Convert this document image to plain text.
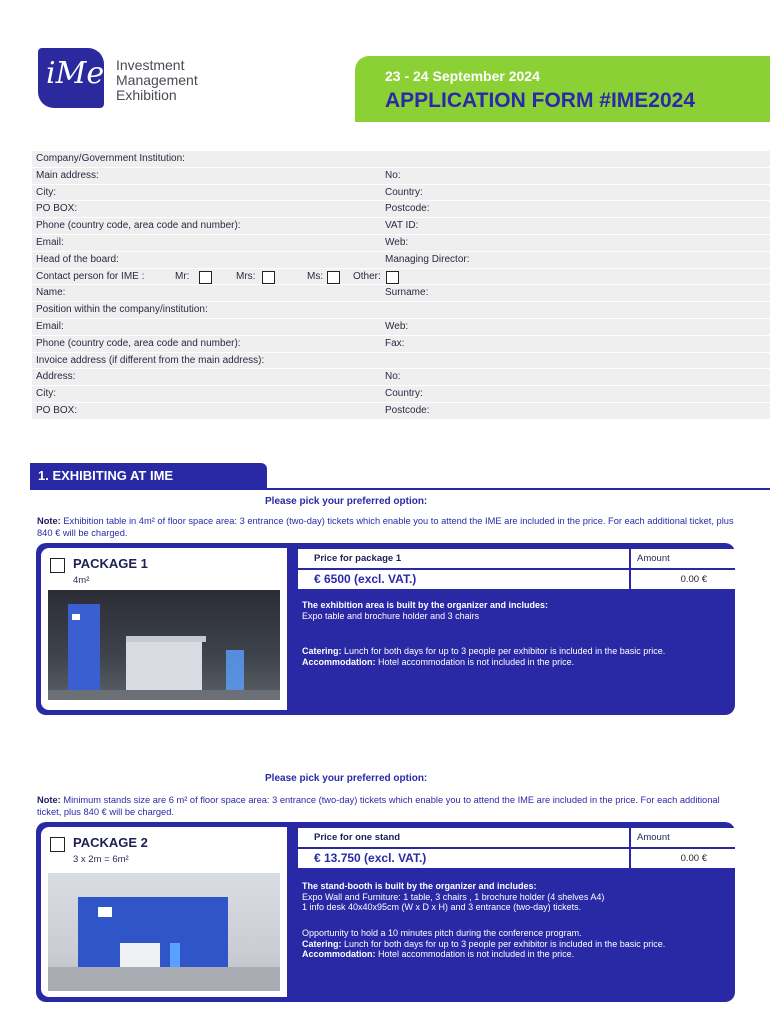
iMe Investment
Management
Exhibition
23 - 24 September 2024
APPLICATION FORM #IME2024
Company/Government Institution:
Main address:	No:
City:	Country:
PO BOX:	Postcode:
Phone (country code, area code and number):	VAT ID:
Email:	Web:
Head of the board:	Managing Director:
Contact person for IME :	Mr:	Mrs:	Ms:	Other:
Name:	Surname:
Position within the company/institution:
Email:	Web:
Phone (country code, area code and number):	Fax:
Invoice address (if different from the main address):
Address:	No:
City:	Country:
PO BOX:	Postcode:
1. EXHIBITING AT IME
Please pick your preferred option:
Note: Exhibition table in 4m² of floor space area: 3 entrance (two-day) tickets which enable you to attend the IME are included in the price. For each additional ticket, plus 840 € will be charged.
PACKAGE 1
4m²
Price for package 1	Amount
€ 6500 (excl. VAT.)	0.00 €
The exhibition area is built by the organizer and includes:
Expo table and brochure holder and 3 chairs
Catering: Lunch for both days for up to 3 people per exhibitor is included in the basic price.
Accommodation: Hotel accommodation is not included in the price.
Please pick your preferred option:
Note: Minimum stands size are 6 m² of floor space area: 3 entrance (two-day) tickets which enable you to attend the IME are included in the price. For each additional ticket, plus 840 € will be charged.
PACKAGE 2
3 x 2m = 6m²
Price for one stand	Amount
€ 13.750 (excl. VAT.)	0.00 €
The stand-booth is built by the organizer and includes:
Expo Wall and Furniture: 1 table, 3 chairs , 1 brochure holder (4 shelves A4)
1 info desk 40x40x95cm (W x D x H) and 3 entrance (two-day) tickets.
Opportunity to hold a 10 minutes pitch during the conference program.
Catering: Lunch for both days for up to 3 people per exhibitor is included in the basic price.
Accommodation: Hotel accommodation is not included in the price.
